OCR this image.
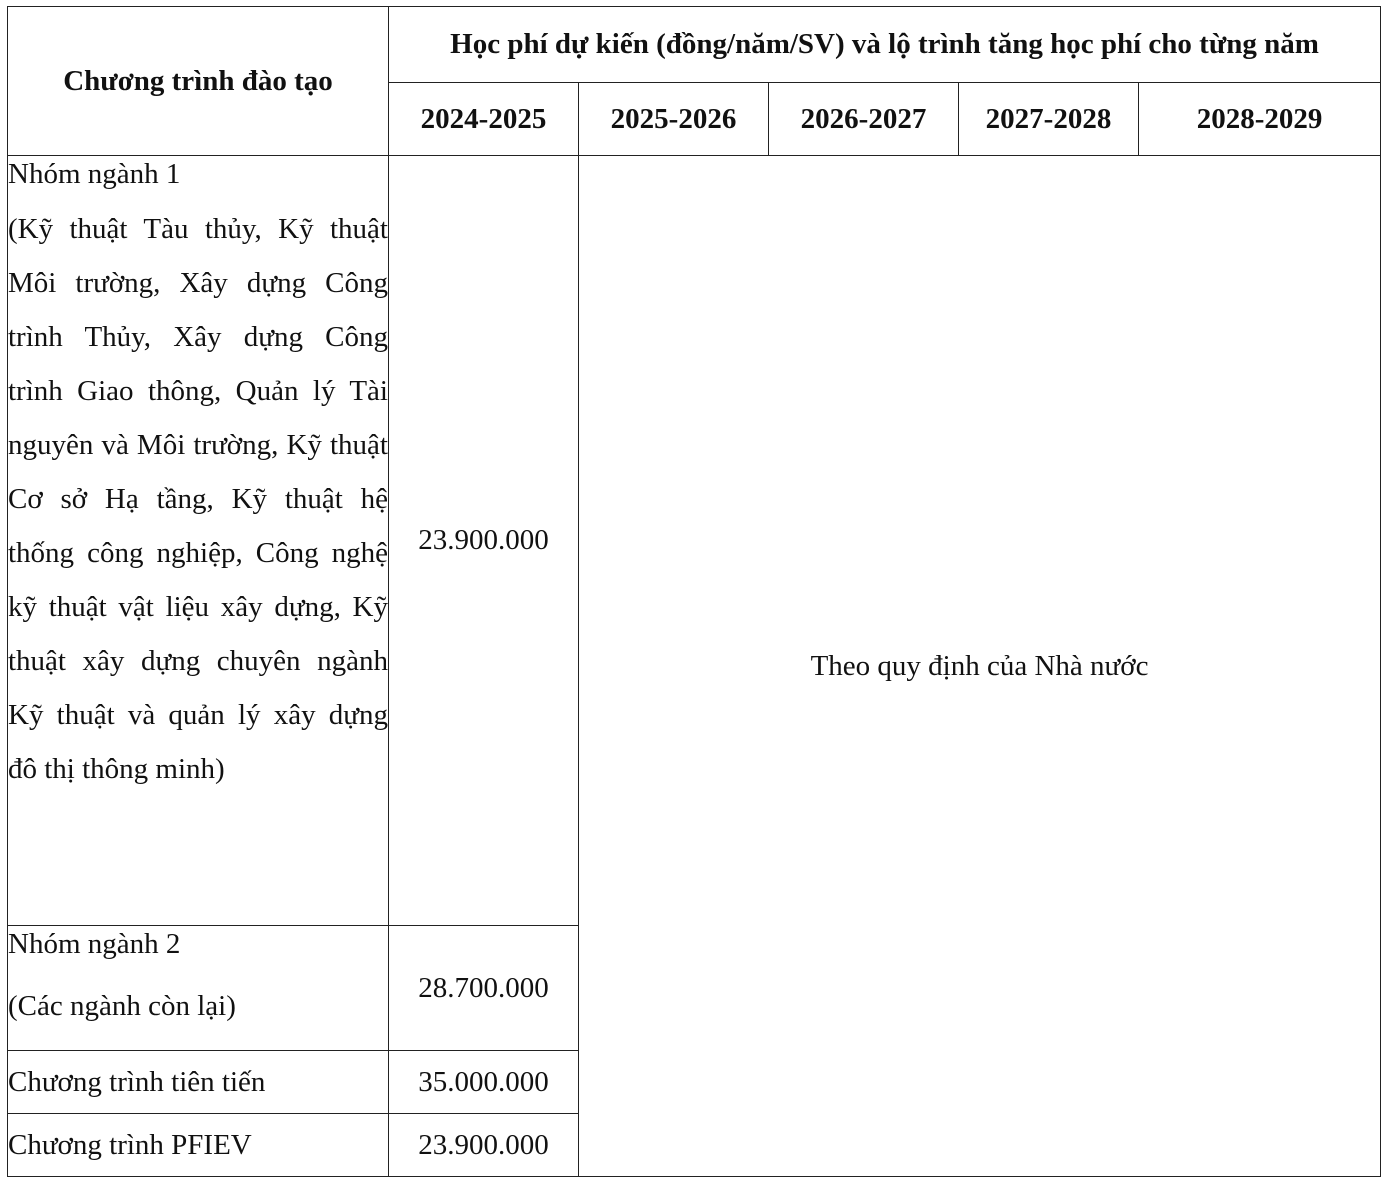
Chương trình đào tạo	Học phí dự kiến (đồng/năm/SV) và lộ trình tăng học phí cho từng năm				
	2024-2025	2025-2026	2026-2027	2027-2028	2028-2029

Nhóm ngành 1
(Kỹ thuật Tàu thủy, Kỹ thuật Môi trường, Xây dựng Công trình Thủy, Xây dựng Công trình Giao thông, Quản lý Tài nguyên và Môi trường, Kỹ thuật Cơ sở Hạ tầng, Kỹ thuật hệ thống công nghiệp, Công nghệ kỹ thuật vật liệu xây dựng, Kỹ thuật xây dựng chuyên ngành Kỹ thuật và quản lý xây dựng đô thị thông minh)	23.900.000	Theo quy định của Nhà nước			
Nhóm ngành 2
(Các ngành còn lại)	28.700.000				
Chương trình tiên tiến	35.000.000				
Chương trình PFIEV	23.900.000				
